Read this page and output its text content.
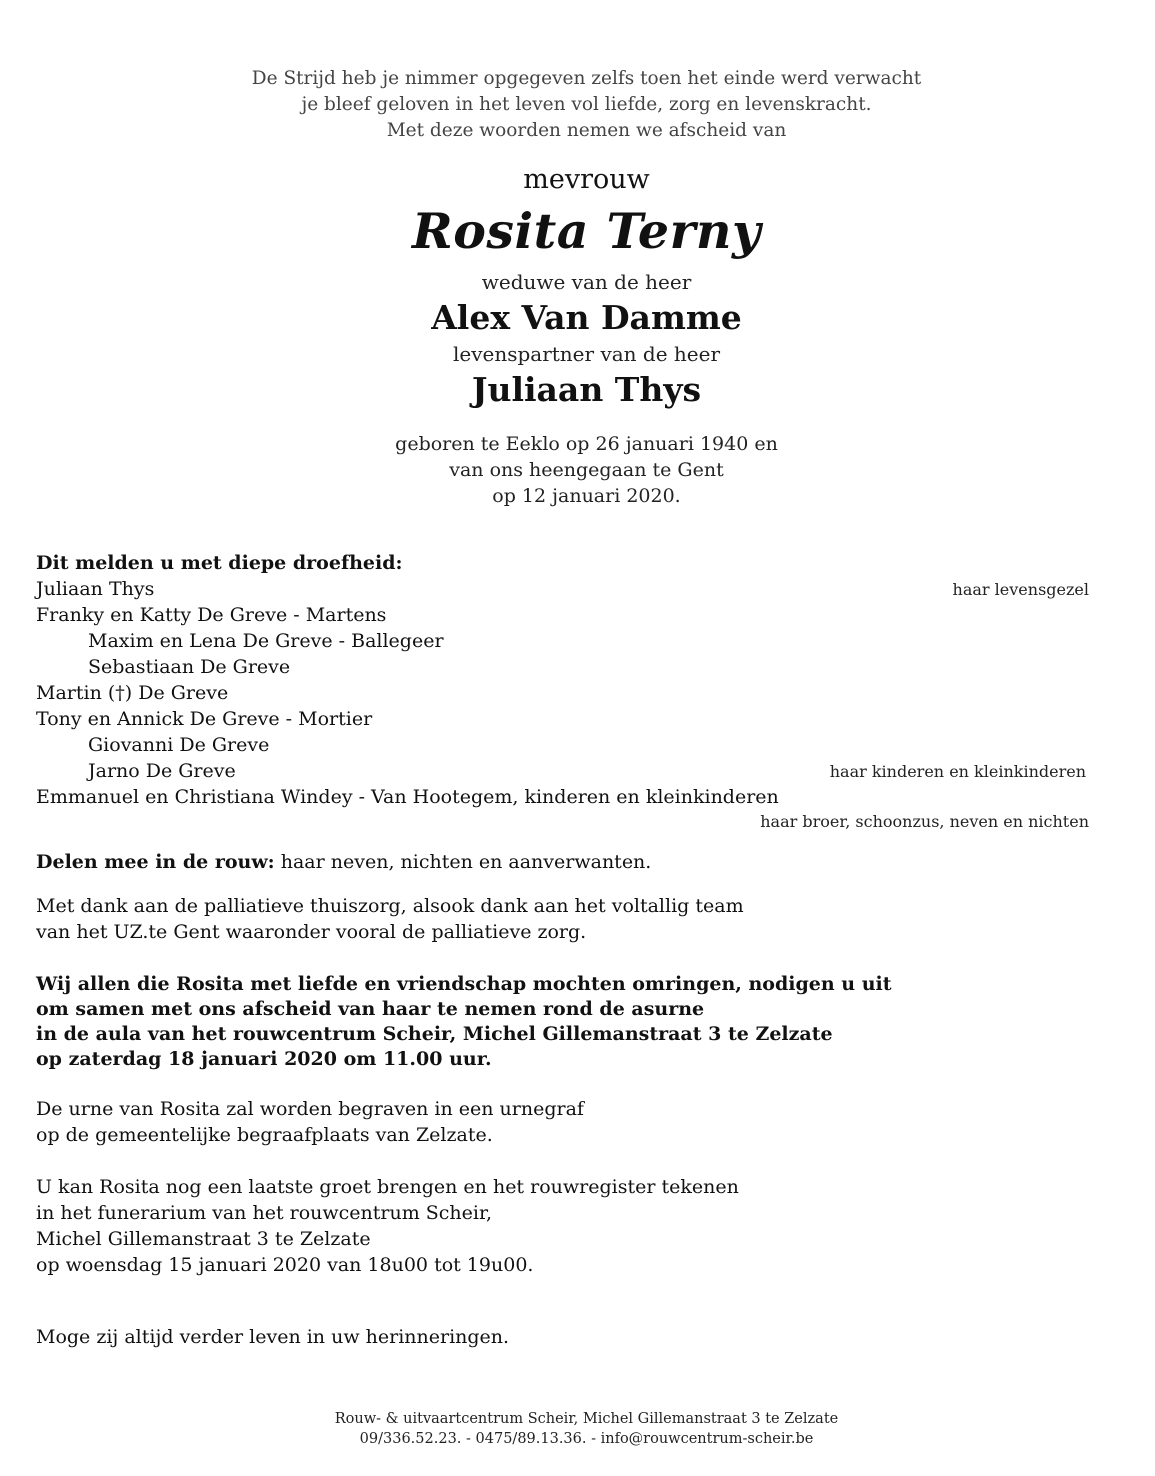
De Strijd heb je nimmer opgegeven zelfs toen het einde werd verwacht
je bleef geloven in het leven vol liefde, zorg en levenskracht.
Met deze woorden nemen we afscheid van
mevrouw
Rosita Terny
weduwe van de heer
Alex Van Damme
levenspartner van de heer
Juliaan Thys
geboren te Eeklo op 26 januari 1940 en
van ons heengegaan te Gent
op 12 januari 2020.
Dit melden u met diepe droefheid:
Juliaan Thys	haar levensgezel
Franky en Katty De Greve - Martens
Maxim en Lena De Greve - Ballegeer
Sebastiaan De Greve
Martin (†) De Greve
Tony en Annick De Greve - Mortier
Giovanni De Greve
Jarno De Greve	haar kinderen en kleinkinderen
Emmanuel en Christiana Windey - Van Hootegem, kinderen en kleinkinderen
haar broer, schoonzus, neven en nichten
Delen mee in de rouw: haar neven, nichten en aanverwanten.
Met dank aan de palliatieve thuiszorg, alsook dank aan het voltallig team
van het UZ.te Gent waaronder vooral de palliatieve zorg.
Wij allen die Rosita met liefde en vriendschap mochten omringen, nodigen u uit
om samen met ons afscheid van haar te nemen rond de asurne
in de aula van het rouwcentrum Scheir, Michel Gillemanstraat 3 te Zelzate
op zaterdag 18 januari 2020 om 11.00 uur.
De urne van Rosita zal worden begraven in een urnegraf
op de gemeentelijke begraafplaats van Zelzate.
U kan Rosita nog een laatste groet brengen en het rouwregister tekenen
in het funerarium van het rouwcentrum Scheir,
Michel Gillemanstraat 3 te Zelzate
op woensdag 15 januari 2020 van 18u00 tot 19u00.
Moge zij altijd verder leven in uw herinneringen.
Rouw- & uitvaartcentrum Scheir, Michel Gillemanstraat 3 te Zelzate
09/336.52.23. - 0475/89.13.36. - info@rouwcentrum-scheir.be
